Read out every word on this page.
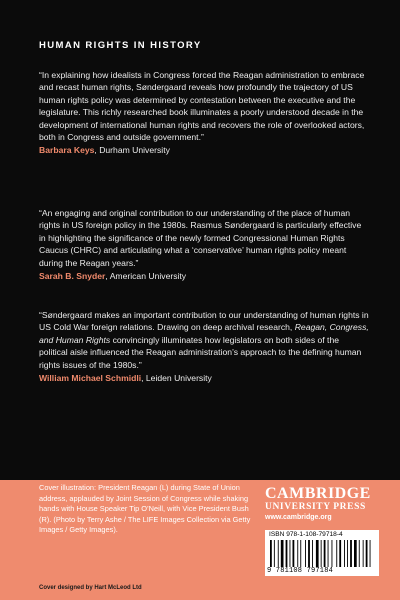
HUMAN RIGHTS IN HISTORY

“In explaining how idealists in Congress forced the Reagan administration to embrace and recast human rights, Søndergaard reveals how profoundly the trajectory of US human rights policy was determined by contestation between the executive and the legislature. This richly researched book illuminates a poorly understood decade in the development of international human rights and recovers the role of overlooked actors, both in Congress and outside government.”

Barbara Keys, Durham University

“An engaging and original contribution to our understanding of the place of human rights in US foreign policy in the 1980s. Rasmus Søndergaard is particularly effective in highlighting the significance of the newly formed Congressional Human Rights Caucus (CHRC) and articulating what a ‘conservative’ human rights policy meant during the Reagan years.”

Sarah B. Snyder, American University

“Søndergaard makes an important contribution to our understanding of human rights in US Cold War foreign relations. Drawing on deep archival research, Reagan, Congress, and Human Rights convincingly illuminates how legislators on both sides of the political aisle influenced the Reagan administration’s approach to the defining human rights issues of the 1980s.”

William Michael Schmidli, Leiden University
Cover illustration: President Reagan (L) during State of Union address, applauded by Joint Session of Congress while shaking hands with House Speaker Tip O’Neill, with Vice President Bush (R). (Photo by Terry Ashe / The LIFE Images Collection via Getty Images / Getty Images).
Cover designed by Hart McLeod Ltd
CAMBRIDGE
UNIVERSITY PRESS
www.cambridge.org
ISBN 978-1-108-79718-4
9 781108 797184
